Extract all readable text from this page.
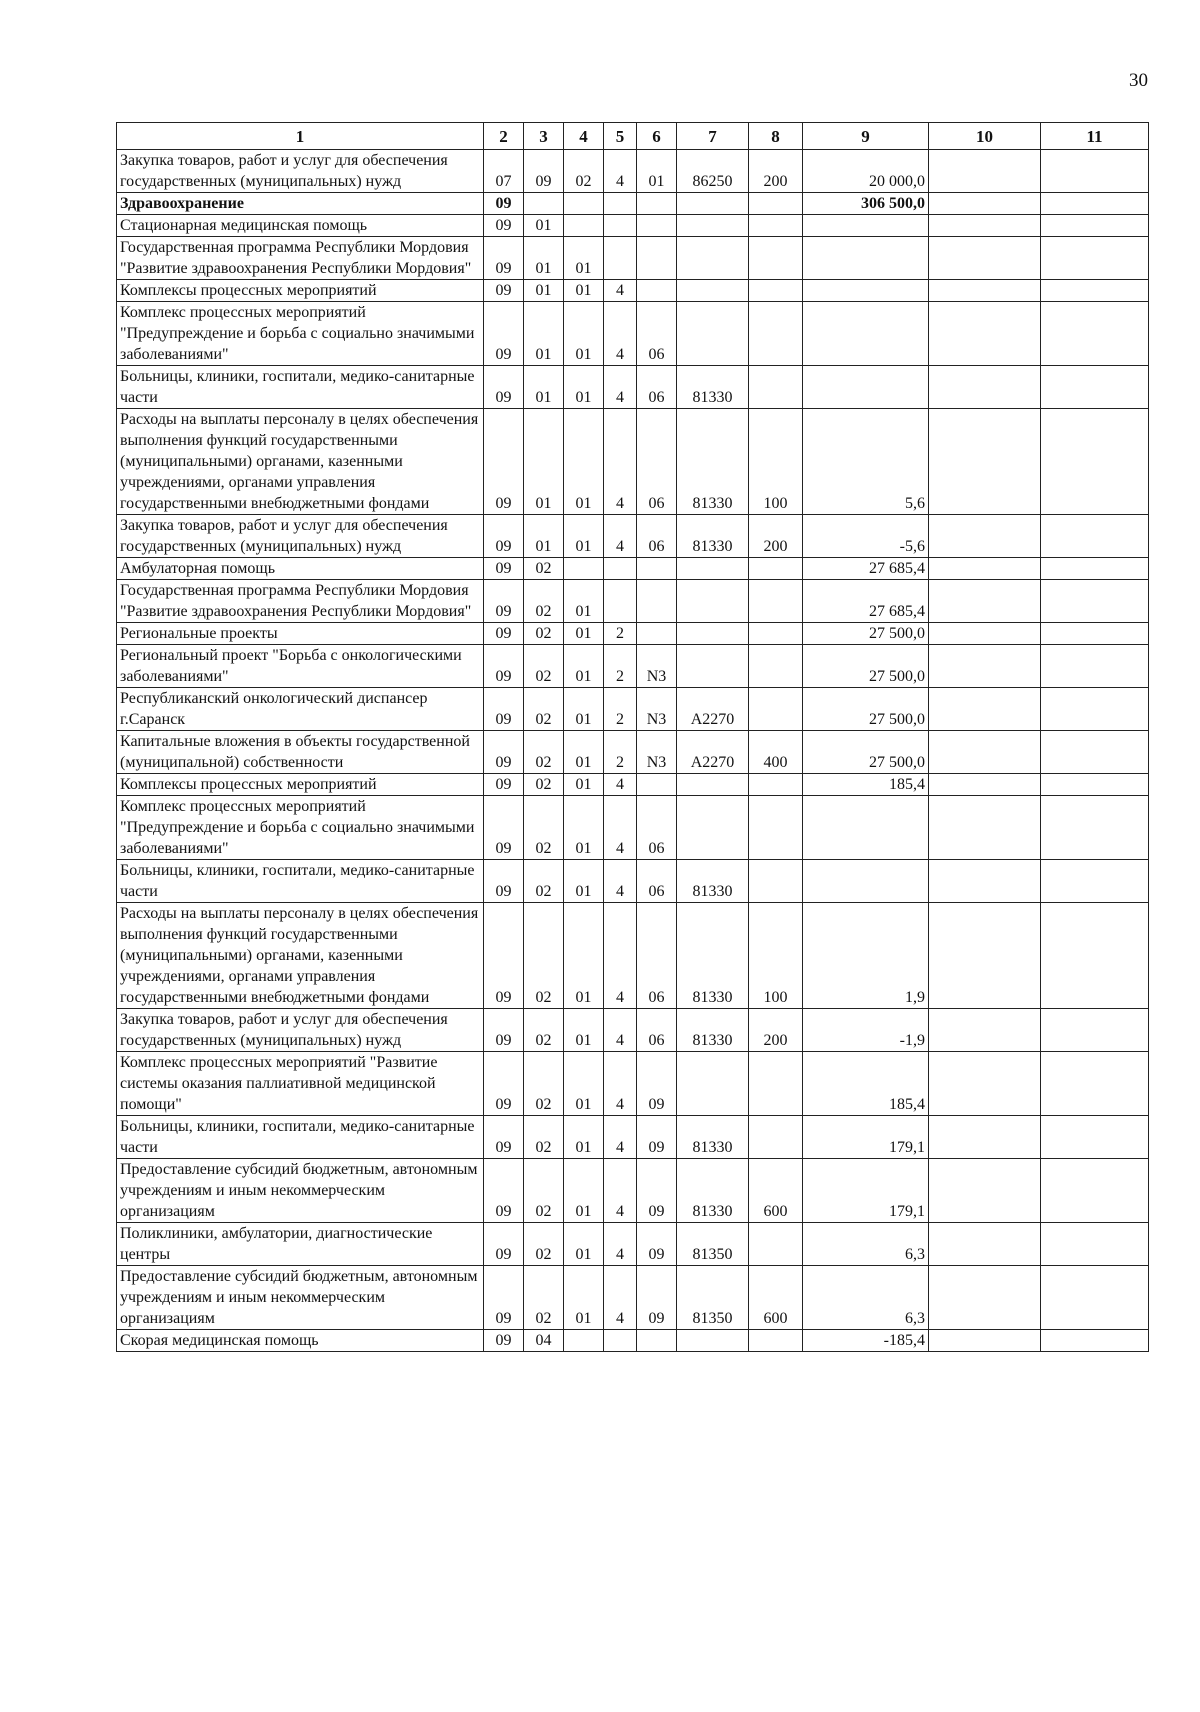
30
1	2	3	4	5	6	7	8	9	10	11
Закупка товаров, работ и услуг для обеспечения государственных (муниципальных) нужд	07	09	02	4	01	86250	200	20 000,0		
Здравоохранение	09							306 500,0		
Стационарная медицинская помощь	09	01								
Государственная программа Республики Мордовия "Развитие здравоохранения Республики Мордовия"	09	01	01							
Комплексы процессных мероприятий	09	01	01	4						
Комплекс процессных мероприятий "Предупреждение и борьба с социально значимыми заболеваниями"	09	01	01	4	06					
Больницы, клиники, госпитали, медико-санитарные части	09	01	01	4	06	81330				
Расходы на выплаты персоналу в целях обеспечения выполнения функций государственными (муниципальными) органами, казенными учреждениями, органами управления государственными внебюджетными фондами	09	01	01	4	06	81330	100	5,6		
Закупка товаров, работ и услуг для обеспечения государственных (муниципальных) нужд	09	01	01	4	06	81330	200	-5,6		
Амбулаторная помощь	09	02						27 685,4		
Государственная программа Республики Мордовия "Развитие здравоохранения Республики Мордовия"	09	02	01					27 685,4		
Региональные проекты	09	02	01	2				27 500,0		
Региональный проект "Борьба с онкологическими заболеваниями"	09	02	01	2	N3			27 500,0		
Республиканский онкологический диспансер г.Саранск	09	02	01	2	N3	A2270		27 500,0		
Капитальные вложения в объекты государственной (муниципальной) собственности	09	02	01	2	N3	A2270	400	27 500,0		
Комплексы процессных мероприятий	09	02	01	4				185,4		
Комплекс процессных мероприятий "Предупреждение и борьба с социально значимыми заболеваниями"	09	02	01	4	06					
Больницы, клиники, госпитали, медико-санитарные части	09	02	01	4	06	81330				
Расходы на выплаты персоналу в целях обеспечения выполнения функций государственными (муниципальными) органами, казенными учреждениями, органами управления государственными внебюджетными фондами	09	02	01	4	06	81330	100	1,9		
Закупка товаров, работ и услуг для обеспечения государственных (муниципальных) нужд	09	02	01	4	06	81330	200	-1,9		
Комплекс процессных мероприятий "Развитие системы оказания паллиативной медицинской помощи"	09	02	01	4	09			185,4		
Больницы, клиники, госпитали, медико-санитарные части	09	02	01	4	09	81330		179,1		
Предоставление субсидий бюджетным, автономным учреждениям и иным некоммерческим организациям	09	02	01	4	09	81330	600	179,1		
Поликлиники, амбулатории, диагностические центры	09	02	01	4	09	81350		6,3		
Предоставление субсидий бюджетным, автономным учреждениям и иным некоммерческим организациям	09	02	01	4	09	81350	600	6,3		
Скорая медицинская помощь	09	04						-185,4		
